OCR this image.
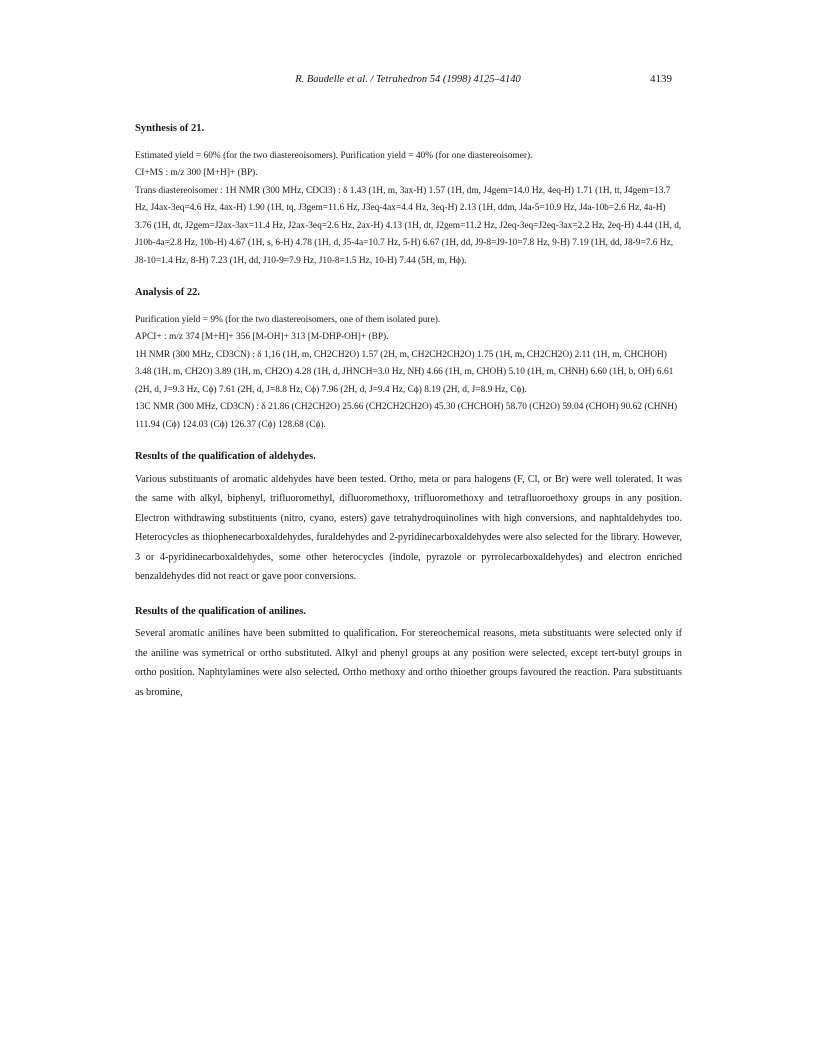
R. Baudelle et al. / Tetrahedron 54 (1998) 4125–4140	4139

Synthesis of 21.

Estimated yield = 60% (for the two diastereoisomers). Purification yield = 40% (for one diastereoisomer).

CI+MS : m/z 300 [M+H]+ (BP).

Trans diastereoisomer : 1H NMR (300 MHz, CDCl3) : δ 1.43 (1H, m, 3ax-H) 1.57 (1H, dm, J4gem=14.0 Hz, 4eq-H) 1.71 (1H, tt, J4gem=13.7 Hz, J4ax-3eq=4.6 Hz, 4ax-H) 1.90 (1H, tq, J3gem=11.6 Hz, J3eq-4ax=4.4 Hz, 3eq-H) 2.13 (1H, ddm, J4a-5=10.9 Hz, J4a-10b=2.6 Hz, 4a-H) 3.76 (1H, dt, J2gem=J2ax-3ax=11.4 Hz, J2ax-3eq=2.6 Hz, 2ax-H) 4.13 (1H, dt, J2gem=11.2 Hz, J2eq-3eq=J2eq-3ax=2.2 Hz, 2eq-H) 4.44 (1H, d, J10b-4a=2.8 Hz, 10b-H) 4.67 (1H, s, 6-H) 4.78 (1H, d, J5-4a=10.7 Hz, 5-H) 6.67 (1H, dd, J9-8=J9-10=7.8 Hz, 9-H) 7.19 (1H, dd, J8-9=7.6 Hz, J8-10=1.4 Hz, 8-H) 7.23 (1H, dd, J10-9=7.9 Hz, J10-8=1.5 Hz, 10-H) 7.44 (5H, m, Hϕ).

Analysis of 22.

Purification yield = 9% (for the two diastereoisomers, one of them isolated pure).

APCI+ : m/z 374 [M+H]+ 356 [M-OH]+ 313 [M-DHP-OH]+ (BP).

1H NMR (300 MHz, CD3CN) : δ 1,16 (1H, m, CH2CH2O) 1.57 (2H, m, CH2CH2CH2O) 1.75 (1H, m, CH2CH2O) 2.11 (1H, m, CHCHOH) 3.48 (1H, m, CH2O) 3.89 (1H, m, CH2O) 4.28 (1H, d, JHNCH=3.0 Hz, NH) 4.66 (1H, m, CHOH) 5.10 (1H, m, CHNH) 6.60 (1H, b, OH) 6.61 (2H, d, J=9.3 Hz, Cϕ) 7.61 (2H, d, J=8.8 Hz, Cϕ) 7.96 (2H, d, J=9.4 Hz, Cϕ) 8.19 (2H, d, J=8.9 Hz, Cϕ).

13C NMR (300 MHz, CD3CN) : δ 21.86 (CH2CH2O) 25.66 (CH2CH2CH2O) 45.30 (CHCHOH) 58.70 (CH2O) 59.04 (CHOH) 90.62 (CHNH) 111.94 (Cϕ) 124.03 (Cϕ) 126.37 (Cϕ) 128.68 (Cϕ).

Results of the qualification of aldehydes.

Various substituants of aromatic aldehydes have been tested. Ortho, meta or para halogens (F, Cl, or Br) were well tolerated. It was the same with alkyl, biphenyl, trifluoromethyl, difluoromethoxy, trifluoromethoxy and tetrafluoroethoxy groups in any position. Electron withdrawing substituents (nitro, cyano, esters) gave tetrahydroquinolines with high conversions, and naphtaldehydes too. Heterocycles as thiophenecarboxaldehydes, furaldehydes and 2-pyridinecarboxaldehydes were also selected for the library. However, 3 or 4-pyridinecarboxaldehydes, some other heterocycles (indole, pyrazole or pyrrolecarboxaldehydes) and electron enriched benzaldehydes did not react or gave poor conversions.

Results of the qualification of anilines.

Several aromatic anilines have been submitted to qualification. For stereochemical reasons, meta substituants were selected only if the aniline was symetrical or ortho substituted. Alkyl and phenyl groups at any position were selected, except tert-butyl groups in ortho position. Naphtylamines were also selected. Ortho methoxy and ortho thioether groups favoured the reaction. Para substituants as bromine,
